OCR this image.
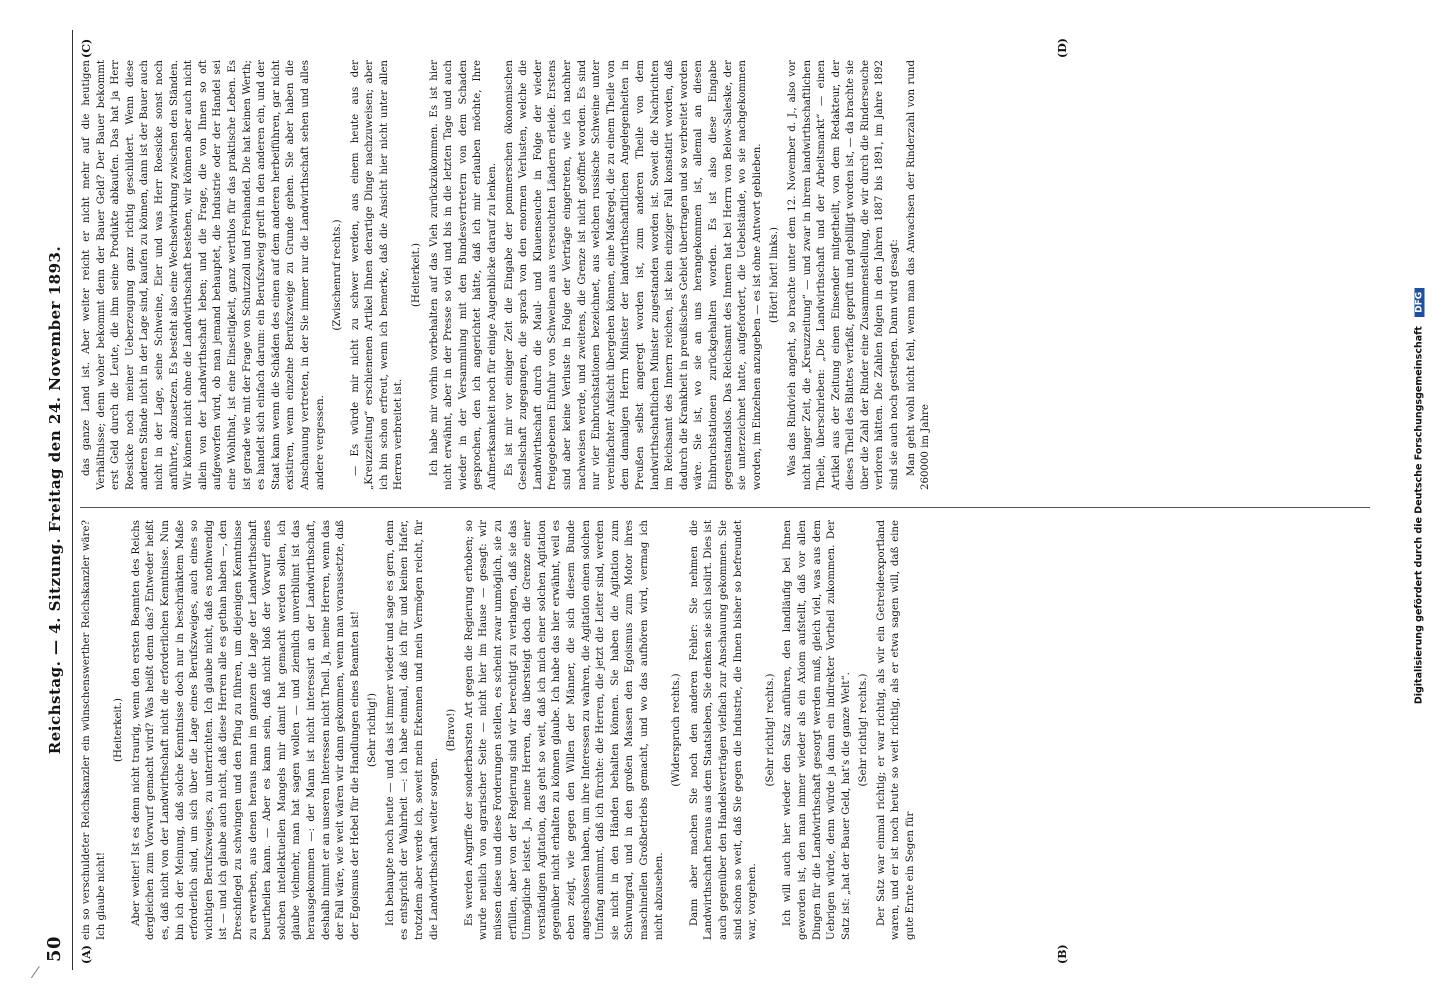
50
Reichstag. — 4. Sitzung. Freitag den 24. November 1893.
(A)	(B)
(C)	(D)

ein so verschuldeter Reichskanzler ein wünschenswerther Reichskanzler wäre? Ich glaube nicht!

(Heiterkeit.) Aber weiter! Ist es denn nicht traurig, wenn den ersten Beamten des Reichs dergleichen zum Vorwurf gemacht wird? Was heißt denn das? Entweder heißt es, daß nicht von der Landwirthschaft nicht die erforderlichen Kenntnisse. Nun bin ich der Meinung, daß solche Kenntnisse doch nur in beschränktem Maße erforderlich sind, um sich über die Lage eines Berufszweiges, auch eines so wichtigen Berufszweiges, zu unterrichten. Ich glaube nicht, daß es nothwendig ist — und ich glaube auch nicht, daß diese Herren alle es gethan haben —, den Dreschflegel zu schwingen und den Pflug zu führen, um diejenigen Kenntnisse zu erwerben, aus denen heraus man im ganzen die Lage der Landwirthschaft beurtheilen kann. — Aber es kann sein, daß nicht bloß der Vorwurf eines solchen intellektuellen Mangels mir damit hat gemacht werden sollen, ich glaube vielmehr, man hat sagen wollen — und ziemlich unverblümt ist das herausgekommen —: der Mann ist nicht interessirt an der Landwirthschaft, deshalb nimmt er an unseren Interessen nicht Theil. Ja, meine Herren, wenn das der Fall wäre, wie weit wären wir dann gekommen, wenn man voraussetzte, daß der Egoismus der Hebel für die Handlungen eines Beamten ist! (Sehr richtig!) Ich behaupte noch heute — und das ist immer wieder und sage es gern, denn es entspricht der Wahrheit —: ich habe einmal, daß ich für und keinen Hafer, trotzdem aber werde ich, soweit mein Erkennen und mein Vermögen reicht, für die Landwirthschaft weiter sorgen.

(Bravo!) Es werden Angriffe der sonderbarsten Art gegen die Regierung erhoben; so wurde neulich von agrarischer Seite — nicht hier im Hause — gesagt: wir müssen diese und diese Forderungen stellen, es scheint zwar unmöglich, sie zu erfüllen, aber von der Regierung sind wir berechtigt zu verlangen, daß sie das Unmögliche leistet. Ja, meine Herren, das übersteigt doch die Grenze einer verständigen Agitation, das geht so weit, daß ich mich einer solchen Agitation gegenüber nicht erhalten zu können glaube. Ich habe das hier erwähnt, weil es eben zeigt, wie gegen den Willen der Männer, die sich diesem Bunde angeschlossen haben, um ihre Interessen zu wahren, die Agitation einen solchen Umfang annimmt, daß ich fürchte: die Herren, die jetzt die Leiter sind, werden sie nicht in den Händen behalten können. Sie haben die Agitation zum Schwungrad, und in den großen Massen den Egoismus zum Motor ihres maschinellen Großbetriebs gemacht, und wo das aufhören wird, vermag ich nicht abzusehen.

(Widerspruch rechts.) Dann aber machen Sie noch den anderen Fehler: Sie nehmen die Landwirthschaft heraus aus dem Staatsleben, Sie denken sie sich isolirt. Dies ist auch gegenüber den Handelsverträgen vielfach zur Anschauung gekommen. Sie sind schon so weit, daß Sie gegen die Industrie, die Ihnen bisher so befreundet war, vorgehen.

(Sehr richtig! rechts.) Ich will auch hier wieder den Satz anführen, den landläufig bei Ihnen geworden ist, den man immer wieder als ein Axiom aufstellt, daß vor allen Dingen für die Landwirthschaft gesorgt werden muß, gleich viel, was aus dem Uebrigen würde, denn würde ja dann ein indirekter Vortheil zukommen. Der Satz ist: „hat der Bauer Geld, hat's die ganze Welt“. (Sehr richtig! rechts.) Der Satz war einmal richtig; er war richtig, als wir ein Getreideexportland waren, und er ist noch heute so weit richtig, als er etwa sagen will, daß eine gute Ernte ein Segen für

das ganze Land ist. Aber weiter reicht er nicht mehr auf die heutigen Verhältnisse; denn woher bekommt denn der Bauer Geld? Der Bauer bekommt erst Geld durch die Leute, die ihm seine Produkte abkaufen. Das hat ja Herr Roesicke noch meiner Ueberzeugung ganz richtig geschildert. Wenn diese anderen Stände nicht in der Lage sind, kaufen zu können, dann ist der Bauer auch nicht in der Lage, seine Schweine, Eier und was Herr Roesicke sonst noch anführte, abzusetzen. Es besteht also eine Wechselwirkung zwischen den Ständen. Wir können nicht ohne die Landwirthschaft bestehen, wir können aber auch nicht allein von der Landwirthschaft leben; und die Frage, die von Ihnen so oft aufgeworfen wird, ob man jemand behauptet, die Industrie oder der Handel sei eine Wohlthat, ist eine Einseitigkeit, ganz werthlos für das praktische Leben. Es ist gerade wie mit der Frage von Schutzzoll und Freihandel. Die hat keinen Werth; es handelt sich einfach darum: ein Berufszweig greift in den anderen ein, und der Staat kann wenn die Schäden des einen auf dem anderen herbeiführen, gar nicht existiren, wenn einzelne Berufszweige zu Grunde gehen. Sie aber haben die Anschauung vertreten, in der Sie immer nur die Landwirthschaft sehen und alles andere vergessen.

(Zwischenruf rechts.) — Es würde mir nicht zu schwer werden, aus einem heute aus der „Kreuzzeitung“ erschienenen Artikel Ihnen derartige Dinge nachzuweisen; aber ich bin schon erfreut, wenn ich bemerke, daß die Ansicht hier nicht unter allen Herren verbreitet ist.

(Heiterkeit.) Ich habe mir vorhin vorbehalten auf das Vieh zurückzukommen. Es ist hier nicht erwähnt, aber in der Presse so viel und bis in die letzten Tage und auch wieder in der Versammlung mit den Bundesvertretern von dem Schaden gesprochen, den ich angerichtet hätte, daß ich mir erlauben möchte, Ihre Aufmerksamkeit noch für einige Augenblicke darauf zu lenken. Es ist mir vor einiger Zeit die Eingabe der pommerschen ökonomischen Gesellschaft zugegangen, die sprach von den enormen Verlusten, welche die Landwirthschaft durch die Maul- und Klauenseuche in Folge der wieder freigegebenen Einfuhr von Schweinen aus verseuchten Ländern erleide. Erstens sind aber keine Verluste in Folge der Verträge eingetreten, wie ich nachher nachweisen werde, und zweitens, die Grenze ist nicht geöffnet worden. Es sind nur vier Einbruchstationen bezeichnet, aus welchen russische Schweine unter vereinfachter Aufsicht übergehen können, eine Maßregel, die zu einem Theile von dem damaligen Herrn Minister der landwirthschaftlichen Angelegenheiten in Preußen selbst angeregt worden ist, zum anderen Theile von dem landwirthschaftlichen Minister zugestanden worden ist. Soweit die Nachrichten im Reichsamt des Innern reichen, ist kein einziger Fall konstatirt worden, daß dadurch die Krankheit in preußisches Gebiet übertragen und so verbreitet worden wäre. Sie ist, wo sie an uns herangekommen ist, allemal an diesen Einbruchstationen zurückgehalten worden. Es ist also diese Eingabe gegenstandslos. Das Reichsamt des Innern hat bei Herrn von Below-Saleske, der sie unterzeichnet hatte, aufgefordert, die Uebelstände, wo sie nachgekommen worden, im Einzelnen anzugeben — es ist ohne Antwort geblieben. (Hört! hört! links.) Was das Rindvieh angeht, so brachte unter dem 12. November d. J., also vor nicht langer Zeit, die „Kreuzzeitung“ — und zwar in ihrem landwirthschaftlichen Theile, überschrieben: „Die Landwirthschaft und der Arbeitsmarkt“ — einen Artikel aus der Zeitung einen Einsender mitgetheilt, von dem Redakteur, der dieses Theil des Blattes verfaßt, geprüft und gebilligt worden ist, — da brachte sie über die Zahl der Rinder eine Zusammenstellung, die wir durch die Rinderseuche verloren hätten. Die Zahlen folgen in den Jahren 1887 bis 1891, im Jahre 1892 sind sie auch noch gestiegen. Dann wird gesagt: Man geht wohl nicht fehl, wenn man das Anwachsen der Rinderzahl von rund 260000 im Jahre	Digitalisierung gefördert durch die Deutsche Forschungsgemeinschaft DFG
